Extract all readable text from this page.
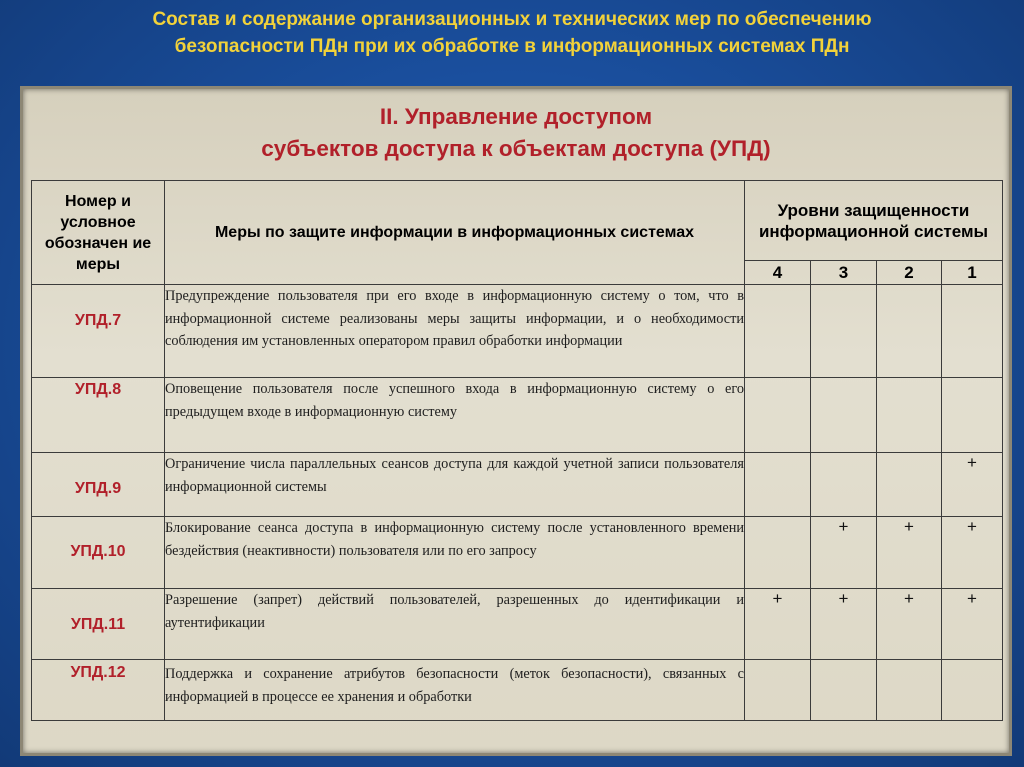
Состав и содержание организационных и технических мер по обеспечению
безопасности ПДн при их обработке в информационных системах ПДн
II. Управление доступом
субъектов доступа к объектам доступа (УПД)
Номер и условное обозначен ие меры	Меры по защите информации в информационных системах	Уровни защищенности информационной системы			
		4	3	2	1
УПД.7	Предупреждение пользователя при его входе в информационную систему о том, что в информационной системе реализованы меры защиты информации, и о необходимости соблюдения им установленных оператором правил обработки информации				
УПД.8	Оповещение пользователя после успешного входа в информационную систему о его предыдущем входе в информационную систему				
УПД.9	Ограничение числа параллельных сеансов доступа для каждой учетной записи пользователя информационной системы				+
УПД.10	Блокирование сеанса доступа в информационную систему после установленного времени бездействия (неактивности) пользователя или по его запросу		+	+	+
УПД.11	Разрешение (запрет) действий пользователей, разрешенных до идентификации и аутентификации	+	+	+	+
УПД.12	Поддержка и сохранение атрибутов безопасности (меток безопасности), связанных с информацией в процессе ее хранения и обработки				
